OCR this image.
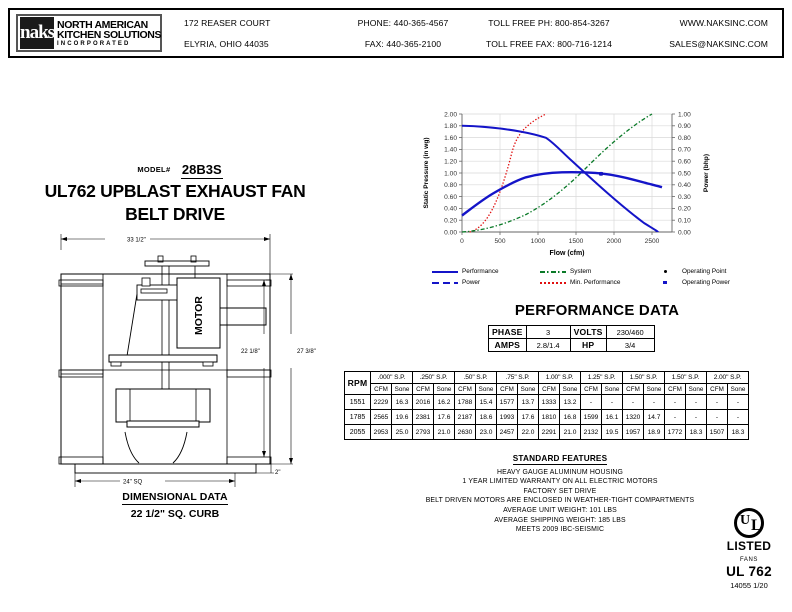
naks NORTH AMERICAN
KITCHEN SOLUTIONS
INCORPORATED
172 REASER COURT
ELYRIA, OHIO 44035
PHONE: 440-365-4567
FAX: 440-365-2100
TOLL FREE PH: 800-854-3267
TOLL FREE FAX: 800-716-1214
WWW.NAKSINC.COM
SALES@NAKSINC.COM
MODEL# 28B3S
UL762 UPBLAST EXHAUST FAN
BELT DRIVE
33 1/2"
27 3/8"
22 1/8"
2"
24" SQ
MOTOR
DIMENSIONAL DATA
22 1/2" SQ. CURB
2.00
1.80
1.60
1.40
1.20
1.00
0.80
0.60
0.40
0.20
0.00
1.00
0.90
0.80
0.70
0.60
0.50
0.40
0.30
0.20
0.10
0.00
0	500	1000	1500	2000	2500
Flow (cfm)
Static Pressure (in wg)	Power (bhp)
Performance	System	Operating Point
Power	Min. Performance	Operating Power
PERFORMANCE DATA
PHASE	3	VOLTS	230/460
AMPS	2.8/1.4	HP	3/4
RPM	.000" S.P.		.250" S.P.		.50" S.P.		.75" S.P.		1.00" S.P.		1.25" S.P.		1.50" S.P.		1.50" S.P.		2.00" S.P.	
	CFM	Sone	CFM	Sone	CFM	Sone	CFM	Sone	CFM	Sone	CFM	Sone	CFM	Sone	CFM	Sone	CFM	Sone
1551	2229	16.3	2016	16.2	1788	15.4	1577	13.7	1333	13.2	-	-	-	-	-	-	-	-
1785	2565	19.6	2381	17.6	2187	18.6	1993	17.6	1810	16.8	1599	16.1	1320	14.7	-	-	-	-
2055	2953	25.0	2793	21.0	2630	23.0	2457	22.0	2291	21.0	2132	19.5	1957	18.9	1772	18.3	1507	18.3
STANDARD FEATURES
HEAVY GAUGE ALUMINUM HOUSING
1 YEAR LIMITED WARRANTY ON ALL ELECTRIC MOTORS
FACTORY SET DRIVE
BELT DRIVEN MOTORS ARE ENCLOSED IN WEATHER-TIGHT COMPARTMENTS
AVERAGE UNIT WEIGHT: 101 LBS
AVERAGE SHIPPING WEIGHT: 185 LBS
MEETS 2009 IBC-SEISMIC
U L
LISTED
FANS
UL 762
14055 1/20
